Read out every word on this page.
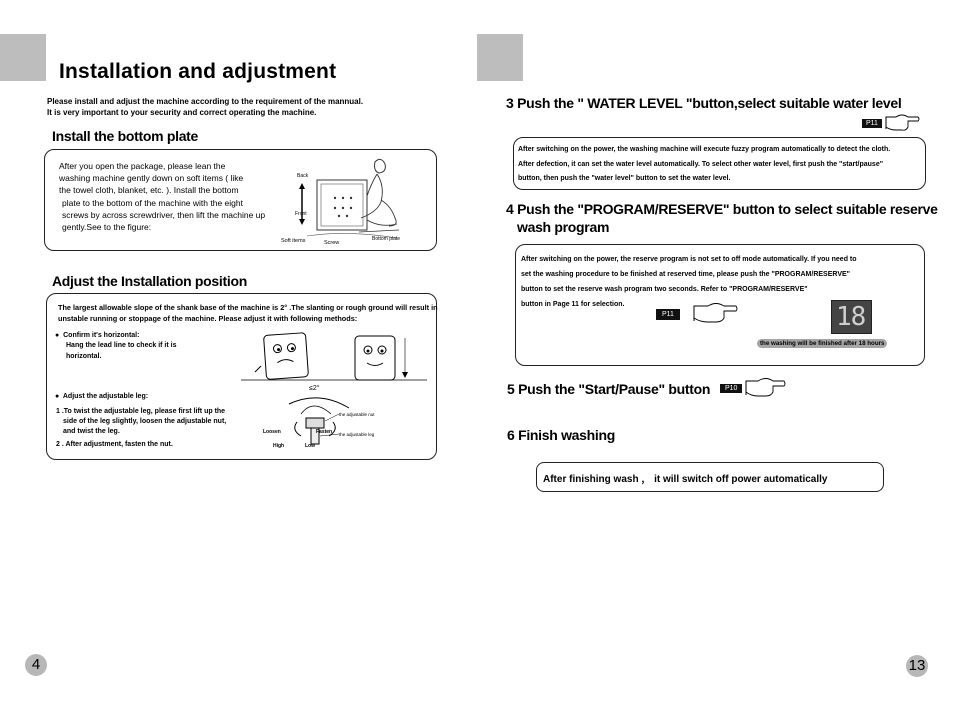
Installation and adjustment
Please install and adjust the machine according to the requirement of the mannual.
It is very important to your security and correct operating the machine.
Install the bottom plate
After you open the package, please lean the
washing machine gently down on soft items ( like
the towel cloth, blanket, etc. ). Install the bottom
plate to the bottom of the machine with the eight
screws by across screwdriver, then lift the machine up
gently.See to the figure:
Back
Front
Soft items	Screw
Bottom plate
Adjust the Installation position
The largest allowable slope of the shank base of the machine is 2° .The slanting or rough ground will result in
unstable running or stoppage of the machine. Please adjust it with following methods:
● Confirm it's horizontal:
Hang the lead line to check if it is
horizontal.
● Adjust the adjustable leg:
1 .To twist the adjustable leg, please first lift up the
side of the leg slightly, loosen the adjustable nut,
and twist the leg.
2 . After adjustment, fasten the nut.
≤2°
Loosen	Fasten
the adjustable nut
the adjustable leg
High	Low
4
3 Push the " WATER LEVEL "button,select suitable water level
P11
After switching on the power, the washing machine will execute fuzzy program automatically to detect the cloth.
After defection, it can set the water level automatically. To select other water level, first push the "start/pause"
button, then push the "water level" button to set the water level.
4 Push the "PROGRAM/RESERVE" button to select suitable reserve
wash program
After switching on the power, the reserve program is not set to off mode automatically. If you need to
set the washing procedure to be finished at reserved time, please push the "PROGRAM/RESERVE"
button to set the reserve wash program two seconds. Refer to "PROGRAM/RESERVE"
button in Page 11 for selection.
P11	18
the washing will be finished after 18 hours
5 Push the "Start/Pause" button	P10
6 Finish washing
After finishing wash ， it will switch off power automatically
13
